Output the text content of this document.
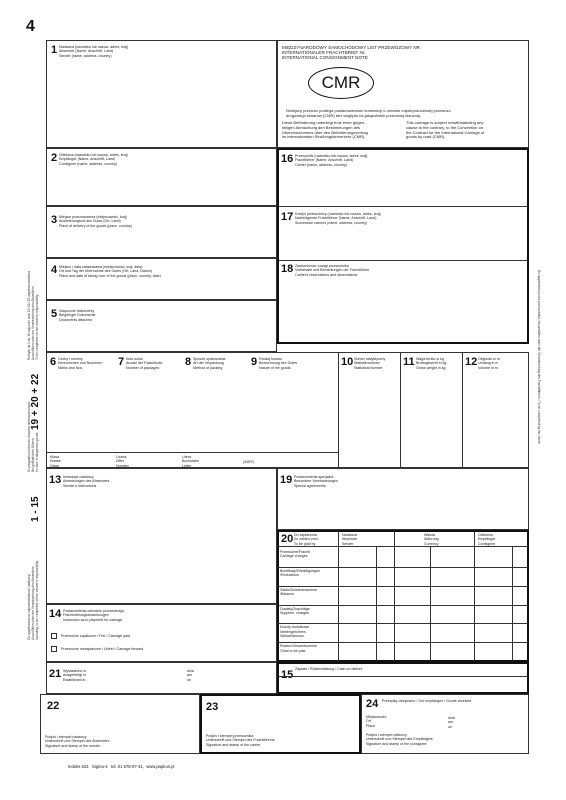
4
Rubryki od 1 do 15 włącznie oraz 19+21+22 wypełnia nadawca
Auszufüllen unter der Verantwortung des Absenders
To be completed on the sender's responsibility
19 + 20 + 22
W przypadku przewozu towarów niebezpiecznych
Bei gefährlichen Gütern
In case of dangerous goods
1 - 15
Do wypełnienia na odpowiedzialność nadawcy
Auszufüllen unter der Verantwortung des Absenders
Including, to be completed on the sender's responsibility
Do wypełnienia przez przewoźnika / Auszufüllen unter der Verantwortung des Frachtführers / To be completed by the carrier
1 Nadawca (nazwisko lub nazwa, adres, kraj)
Absender (Name, Anschrift, Land)
Sender (name, address, country)
MIĘDZYNARODOWY SAMOCHODOWY LIST PRZEWOZOWY NR
INTERNATIONALER FRACHTBRIEF Nr.
INTERNATIONAL CONSIGNMENT NOTE
CMR
Niniejszy przewóz podlega postanowieniom konwencji o umowie międzynarodowej przewozu
drogowego towarów (CMR) bez względu na jakąkolwiek przeciwną klauzulę.
Diese Beförderung unterliegt trotz einer gegen-
teiligen Abmachung den Bestimmungen des
Übereinkommens über den Beförderungsvertrag
im internationalen Straßengüterverkehr (CMR).
This carriage is subject notwithstanding any
clause to the contrary, to the Convention on
the Contract for the International Carriage of
goods by road (CMR).
2 Odbiorca (nazwisko lub nazwa, adres, kraj)
Empfänger (Name, Anschrift, Land)
Consignee (name, address, country)
3 Miejsce przeznaczenia (miejscowość, kraj)
Auslieferungsort des Gutes (Ort, Land)
Place of delivery of the goods (place, country)
4 Miejsce i data załadowania (miejscowość, kraj, data)
Ort und Tag der Übernahme des Gutes (Ort, Land, Datum)
Place and date of taking over of the goods (place, country, date)
5 Załączone dokumenty
Beigefügte Dokumente
Documents attached
16 Przewoźnik (nazwisko lub nazwa, adres, kraj)
Frachtführer (Name, Anschrift, Land)
Carrier (name, address, country)
17 Kolejni przewoźnicy (nazwisko lub nazwa, adres, kraj)
Nachfolgende Frachtführer (Name, Anschrift, Land)
Successive carriers (name, address, country)
18 Zastrzeżenia i uwagi przewoźnika
Vorbehalte und Bemerkungen der Frachtführer
Carrier's reservations and observations
6 Cechy i numery
Kennzeichen und Nummern
Marks and Nos	7 Ilość sztuk
Anzahl der Packstücke
Number of packages	8 Sposób opakowania
Art der Verpackung
Method of packing	9 Rodzaj towaru
Bezeichnung des Gutes
Nature of the goods	10 Numer statystyczny
Statistiknummer
Statistical number 11 Waga brutto w kg
Bruttogewicht in kg
Gross weight in kg 12 Objętość w m
Umfang in m
Volume in m
Klasa
Klasse
Class
Liczba
Ziffer
Number
Litera
Buchstabe
Letter
(ADR*)
13 Instrukcje nadawcy
Anweisungen des Absenders
Sender's instructions	19 Postanowienia specjalne
Besondere Vereinbarungen
Special agreements
14 Postanowienia odnośnie przewoźnego
Frachtzahlungsanweisungen
Instruction as to payment for carriage
Przewoźne zapłacone / Frei / Carriage paid
Przewoźne niezapłacone / Unfrei / Carriage forward
20 Do zapłacenia
Zu zahlen vom:
To be paid by
Nadawca
Absender
Sender
Waluta
Währung
Currency
Odbiorca
Empfänger
Consignee
Przewoźne/Fracht/
Carriage charges
Bonifikaty/Ermäßigungen
/Reductions
Saldo/Zwischensumme
/Balance
Dopłaty/Zuschläge
Supplem. charges
Koszty dodatkowe
Nebengebühren
/Miscellaneous
Razem/Gesamtsumme
/Total to be paid
21 Wystawiono w
Ausgefertigt in
Established in
dnia
am
on	15 Zapłata / Rückerstattung / Cash on deliver
22
Podpis i stempel nadawcy
Unterschrift und Stempel des Absenders
Signature and stamp of the sender
23
Podpis i stempel przewoźnika
Unterschrift und Stempel des Frachtführers
Signature and stamp of the carrier
24 Przesyłkę otrzymano / Gut empfangen / Goods received
Miejscowość
Ort
Place
dnia
am
on
Podpis i stempel odbiorcy
Unterschrift und Stempel des Empfängers
Signature and stamp of the consignee
Indeks 623   Sigma-4   tel. 01 578-07-41,  www.papirus.pl
